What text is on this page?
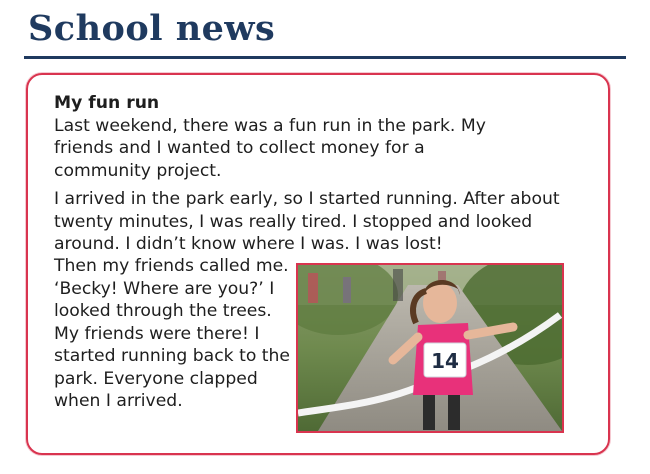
School news
My fun run

Last weekend, there was a fun run in the park. My friends and I wanted to collect money for a community project.

I arrived in the park early, so I started running. After about twenty minutes, I was really tired. I stopped and looked around. I didn’t know where I was. I was lost!

Then my friends called me. ‘Becky! Where are you?’ I looked through the trees. My friends were there! I started running back to the park. Everyone clapped when I arrived.

14
